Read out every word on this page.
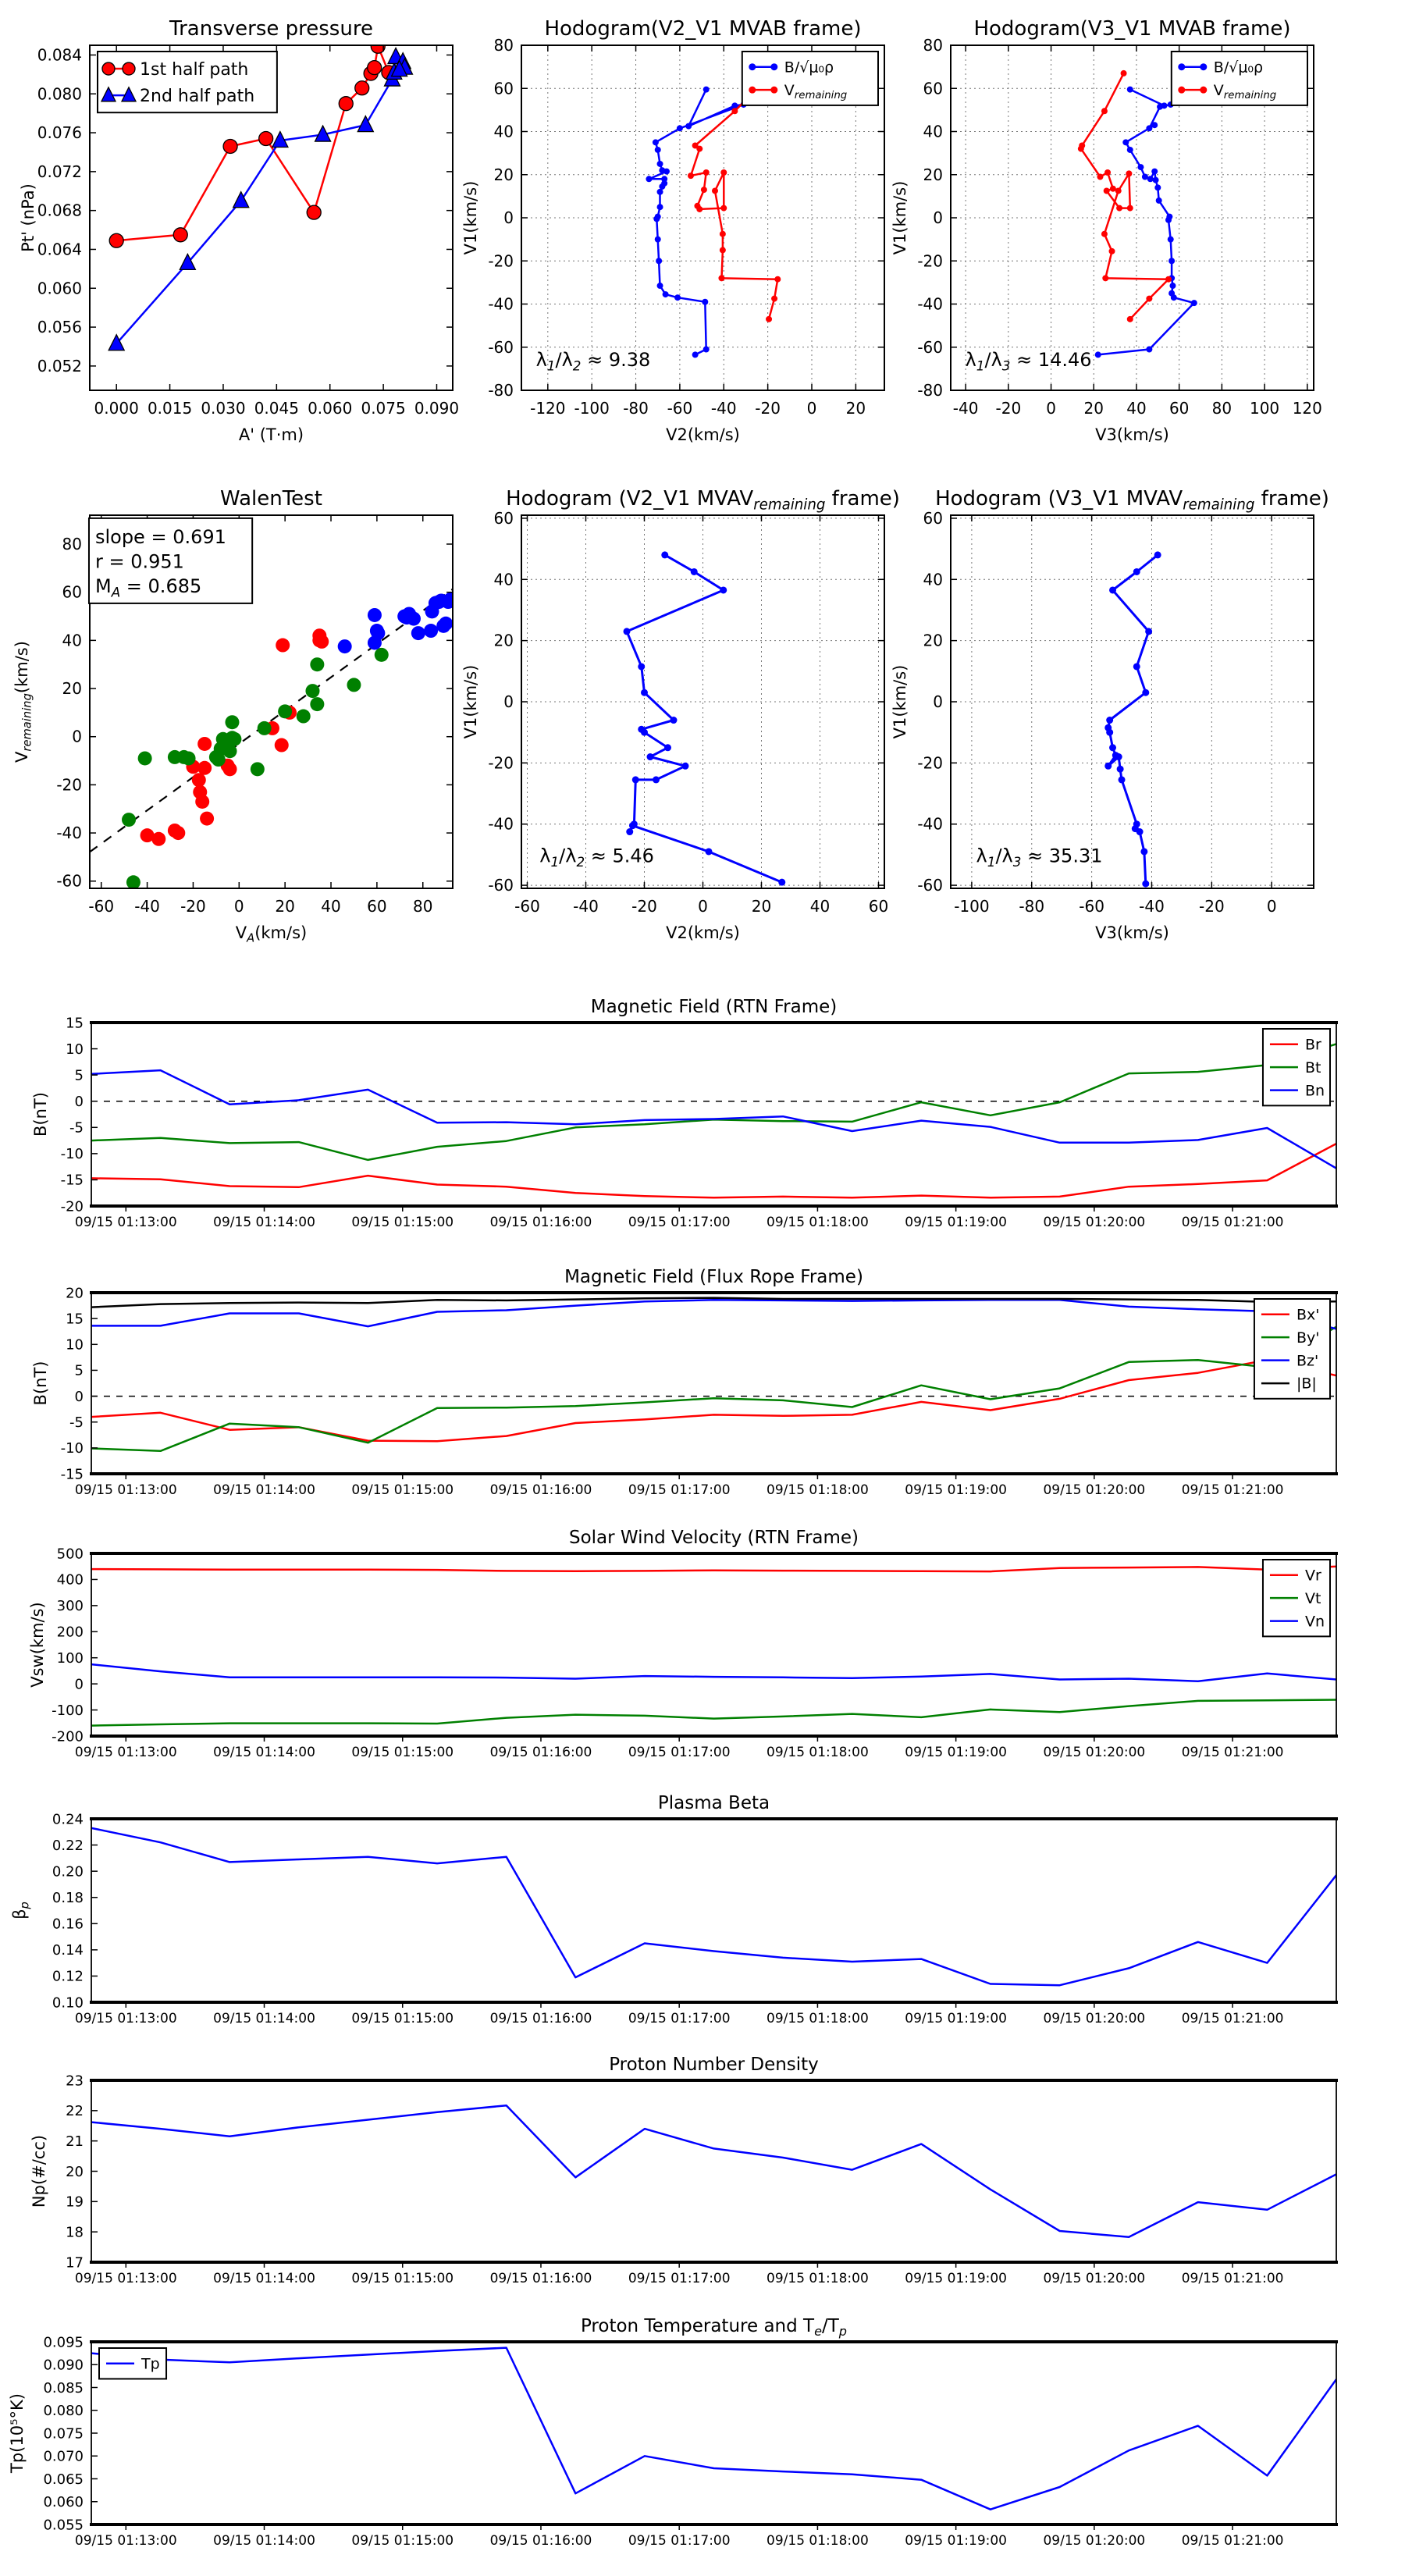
0.000 0.015 0.030 0.045 0.060 0.075 0.090
0.052
0.056
0.060
0.064
0.068
0.072
0.076
0.080
0.084
Transverse pressure
A' (T·m)
Pt' (nPa)
1st half path
2nd half path
-120 -100 -80 -60 -40 -20 0 20
-80
-60
-40
-20
0
20
40
60
80
Hodogram(V2_V1 MVAB frame)
V2(km/s)
V1(km/s)
B/√μ₀ρ
$V_{remaining}$
$\lambda_1/\lambda_2 \approx 9.38$
-40 -20 0 20 40 60 80 100 120
-80
-60
-40
-20
0
20
40
60
80
Hodogram(V3_V1 MVAB frame)
V3(km/s)
V1(km/s)
B/√μ₀ρ
$V_{remaining}$
$\lambda_1/\lambda_3 \approx 14.46$
-60 -40 -20 0 20 40 60 80
-60
-40
-20
0
20
40
60
80
WalenTest
$V_A(km/s)$
$V_{remaining}(km/s)$
slope = 0.691
r = 0.951
$M_A = 0.685$
-60 -40 -20	0	20 40 60
-60
-40
-20
0
20
40
60
Hodogram (V2_V1 $MVAV_{remaining}$ frame)
V2(km/s)
V1(km/s)
$\lambda_1/\lambda_2 \approx 5.46$
-100 -80 -60 -40 -20	0
-60
-40
-20
0
20
40
60
Hodogram (V3_V1 $MVAV_{remaining}$ frame)
V3(km/s)
V1(km/s)
$\lambda_1/\lambda_3 \approx 35.31$
09/15 01:13:00	09/15 01:14:00	09/15 01:15:00	09/15 01:16:00	09/15 01:17:00	09/15 01:18:00	09/15 01:19:00	09/15 01:20:00	09/15 01:21:00
-20
-15
-10
-5
0
5
10
15
Magnetic Field (RTN Frame)
B(nT)
Br
Bt
Bn
09/15 01:13:00	09/15 01:14:00	09/15 01:15:00	09/15 01:16:00	09/15 01:17:00	09/15 01:18:00	09/15 01:19:00	09/15 01:20:00	09/15 01:21:00
-15
-10
-5
0
5
10
15
20
Magnetic Field (Flux Rope Frame)
B(nT)
Bx'
By'
Bz'
|B|
09/15 01:13:00	09/15 01:14:00	09/15 01:15:00	09/15 01:16:00	09/15 01:17:00	09/15 01:18:00	09/15 01:19:00	09/15 01:20:00	09/15 01:21:00
-200
-100
0
100
200
300
400
500
Solar Wind Velocity (RTN Frame)
Vsw(km/s)
Vr
Vt
Vn
09/15 01:13:00	09/15 01:14:00	09/15 01:15:00	09/15 01:16:00	09/15 01:17:00	09/15 01:18:00	09/15 01:19:00	09/15 01:20:00	09/15 01:21:00
0.10
0.12
0.14
0.16
0.18
0.20
0.22
0.24
Plasma Beta
$\beta_p$
09/15 01:13:00	09/15 01:14:00	09/15 01:15:00	09/15 01:16:00	09/15 01:17:00	09/15 01:18:00	09/15 01:19:00	09/15 01:20:00	09/15 01:21:00
17
18
19
20
21
22
23
Proton Number Density
Np(#/cc)
09/15 01:13:00	09/15 01:14:00	09/15 01:15:00	09/15 01:16:00	09/15 01:17:00	09/15 01:18:00	09/15 01:19:00	09/15 01:20:00	09/15 01:21:00
0.055
0.060
0.065
0.070
0.075
0.080
0.085
0.090
0.095
Proton Temperature and $T_e/T_p$
Tp(10⁵°K)
Tp
